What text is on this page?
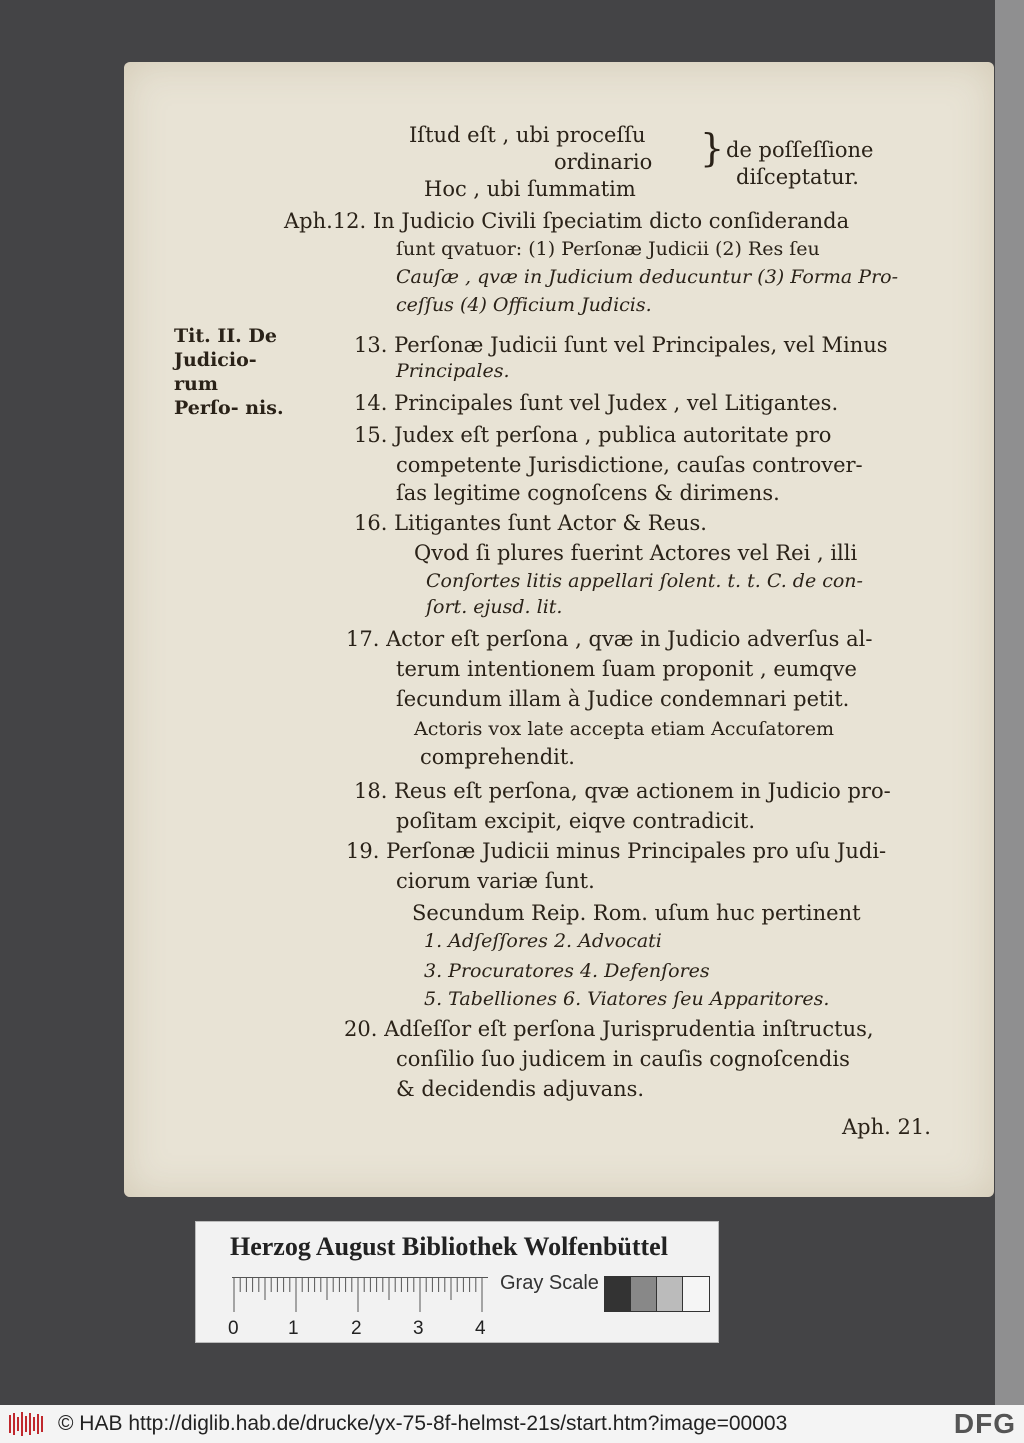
Iſtud eſt , ubi proceſſu
ordinario
Hoc , ubi ſummatim
} de poſſeſſione
diſceptatur.
Aph.12. In Judicio Civili ſpeciatim dicto conſideranda
ſunt qvatuor: (1) Perſonæ Judicii (2) Res ſeu
Cauſæ , qvæ in Judicium deducuntur (3) Forma Pro-
ceſſus (4) Officium Judicis.
Tit. II. De Judicio- rum Perſo- nis.
13. Perſonæ Judicii ſunt vel Principales, vel Minus
Principales.
14. Principales ſunt vel Judex , vel Litigantes.
15. Judex eſt perſona , publica autoritate pro
competente Jurisdictione, cauſas controver-
ſas legitime cognoſcens & dirimens.
16. Litigantes ſunt Actor & Reus.
Qvod ſi plures fuerint Actores vel Rei , illi
Conſortes litis appellari ſolent. t. t. C. de con-
ſort. ejusd. lit.
17. Actor eſt perſona , qvæ in Judicio adverſus al-
terum intentionem ſuam proponit , eumqve
ſecundum illam à Judice condemnari petit.
Actoris vox late accepta etiam Accuſatorem
comprehendit.
18. Reus eſt perſona, qvæ actionem in Judicio pro-
poſitam excipit, eiqve contradicit.
19. Perſonæ Judicii minus Principales pro uſu Judi-
ciorum variæ ſunt.
Secundum Reip. Rom. uſum huc pertinent
1. Adſeſſores 2. Advocati
3. Procuratores 4. Defenſores
5. Tabelliones 6. Viatores ſeu Apparitores.
20. Adſeſſor eſt perſona Jurisprudentia inſtructus,
conſilio ſuo judicem in cauſis cognoſcendis
& decidendis adjuvans.
Aph. 21.
Herzog August Bibliothek Wolfenbüttel
0	1	2	3	4
Gray Scale
© HAB http://diglib.hab.de/drucke/yx-75-8f-helmst-21s/start.htm?image=00003	DFG
